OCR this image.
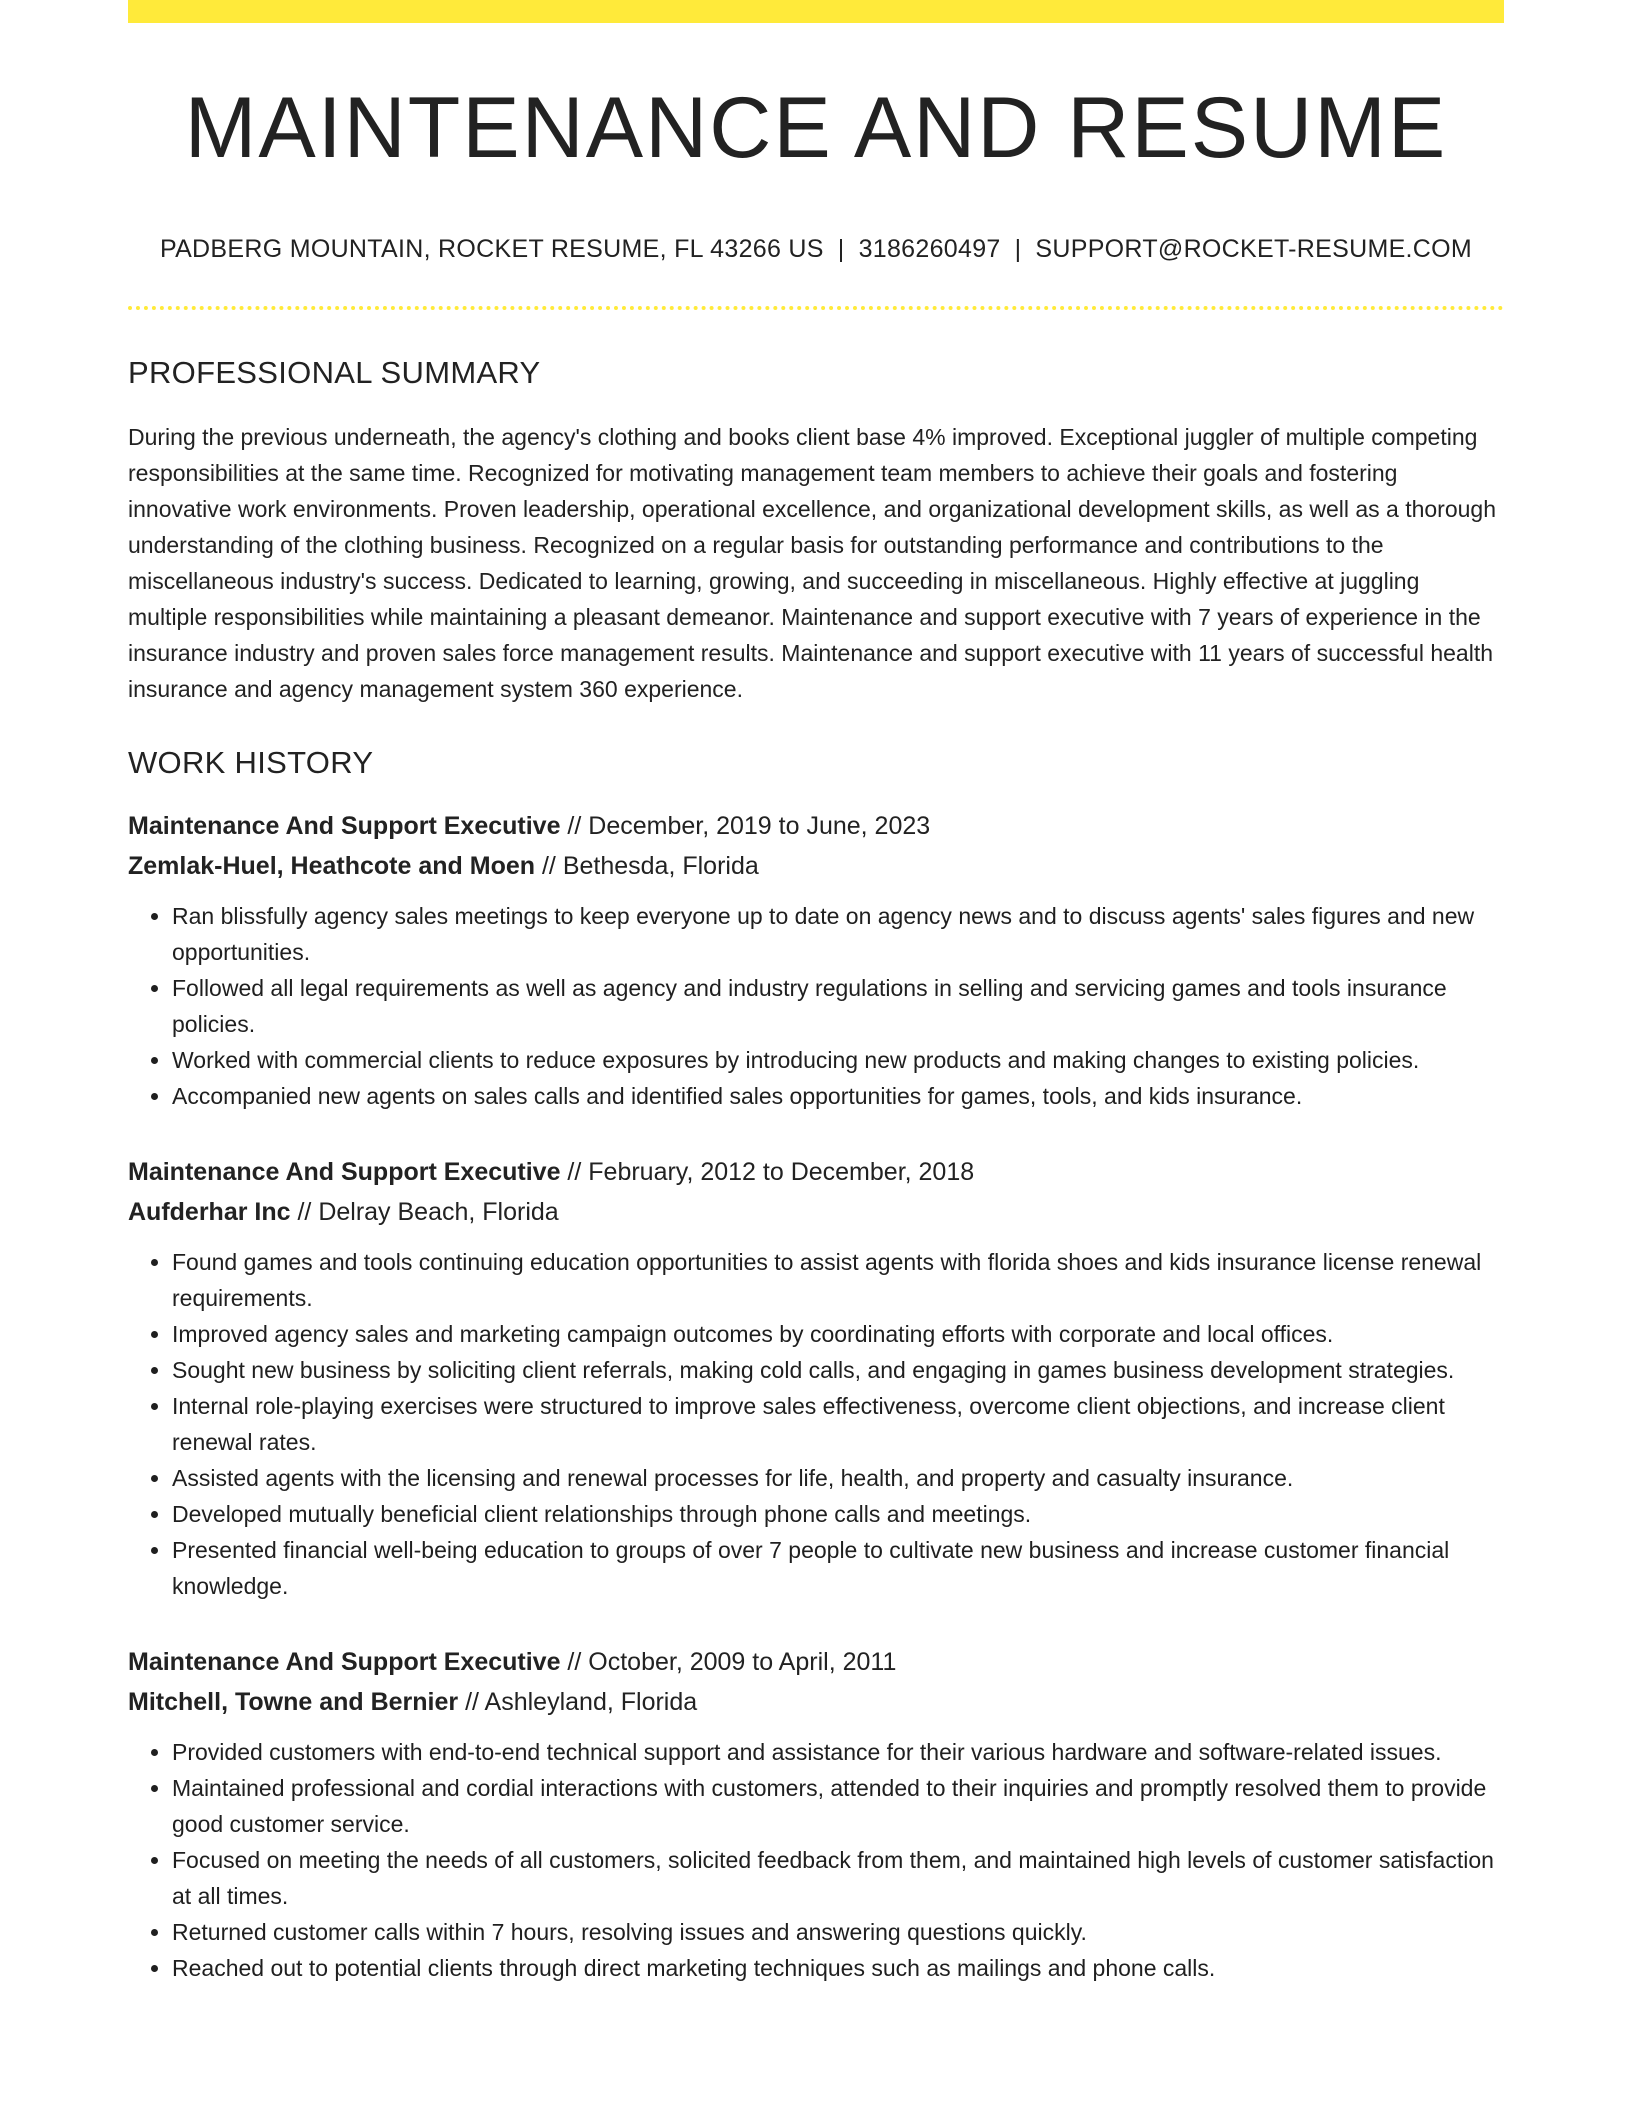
MAINTENANCE AND RESUME
PADBERG MOUNTAIN, ROCKET RESUME, FL 43266 US | 3186260497 | SUPPORT@ROCKET-RESUME.COM
PROFESSIONAL SUMMARY

During the previous underneath, the agency's clothing and books client base 4% improved. Exceptional juggler of multiple competing responsibilities at the same time. Recognized for motivating management team members to achieve their goals and fostering innovative work environments. Proven leadership, operational excellence, and organizational development skills, as well as a thorough understanding of the clothing business. Recognized on a regular basis for outstanding performance and contributions to the miscellaneous industry's success. Dedicated to learning, growing, and succeeding in miscellaneous. Highly effective at juggling multiple responsibilities while maintaining a pleasant demeanor. Maintenance and support executive with 7 years of experience in the insurance industry and proven sales force management results. Maintenance and support executive with 11 years of successful health insurance and agency management system 360 experience.

WORK HISTORY
Maintenance And Support Executive // December, 2019 to June, 2023
Zemlak-Huel, Heathcote and Moen // Bethesda, Florida
• Ran blissfully agency sales meetings to keep everyone up to date on agency news and to discuss agents' sales figures and new opportunities.
• Followed all legal requirements as well as agency and industry regulations in selling and servicing games and tools insurance policies.
• Worked with commercial clients to reduce exposures by introducing new products and making changes to existing policies.
• Accompanied new agents on sales calls and identified sales opportunities for games, tools, and kids insurance.
Maintenance And Support Executive // February, 2012 to December, 2018
Aufderhar Inc // Delray Beach, Florida
• Found games and tools continuing education opportunities to assist agents with florida shoes and kids insurance license renewal requirements.
• Improved agency sales and marketing campaign outcomes by coordinating efforts with corporate and local offices.
• Sought new business by soliciting client referrals, making cold calls, and engaging in games business development strategies.
• Internal role-playing exercises were structured to improve sales effectiveness, overcome client objections, and increase client renewal rates.
• Assisted agents with the licensing and renewal processes for life, health, and property and casualty insurance.
• Developed mutually beneficial client relationships through phone calls and meetings.
• Presented financial well-being education to groups of over 7 people to cultivate new business and increase customer financial knowledge.
Maintenance And Support Executive // October, 2009 to April, 2011
Mitchell, Towne and Bernier // Ashleyland, Florida
• Provided customers with end-to-end technical support and assistance for their various hardware and software-related issues.
• Maintained professional and cordial interactions with customers, attended to their inquiries and promptly resolved them to provide good customer service.
• Focused on meeting the needs of all customers, solicited feedback from them, and maintained high levels of customer satisfaction at all times.
• Returned customer calls within 7 hours, resolving issues and answering questions quickly.
• Reached out to potential clients through direct marketing techniques such as mailings and phone calls.
